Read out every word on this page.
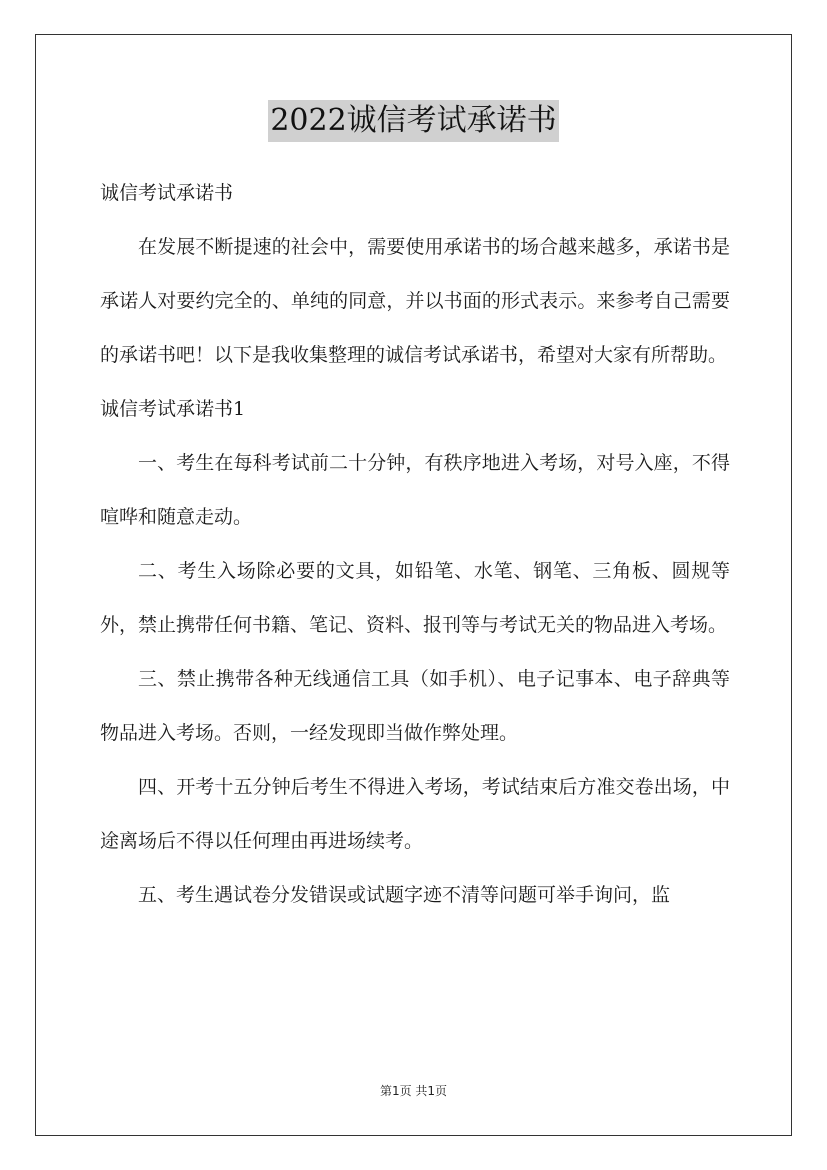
2022诚信考试承诺书

诚信考试承诺书

在发展不断提速的社会中，需要使用承诺书的场合越来越多，承诺书是承诺人对要约完全的、单纯的同意，并以书面的形式表示。来参考自己需要的承诺书吧！以下是我收集整理的诚信考试承诺书，希望对大家有所帮助。

诚信考试承诺书1

一、考生在每科考试前二十分钟，有秩序地进入考场，对号入座，不得喧哗和随意走动。

二、考生入场除必要的文具，如铅笔、水笔、钢笔、三角板、圆规等外，禁止携带任何书籍、笔记、资料、报刊等与考试无关的物品进入考场。

三、禁止携带各种无线通信工具（如手机）、电子记事本、电子辞典等物品进入考场。否则，一经发现即当做作弊处理。

四、开考十五分钟后考生不得进入考场，考试结束后方准交卷出场，中途离场后不得以任何理由再进场续考。

五、考生遇试卷分发错误或试题字迹不清等问题可举手询问，监

第1页 共1页
